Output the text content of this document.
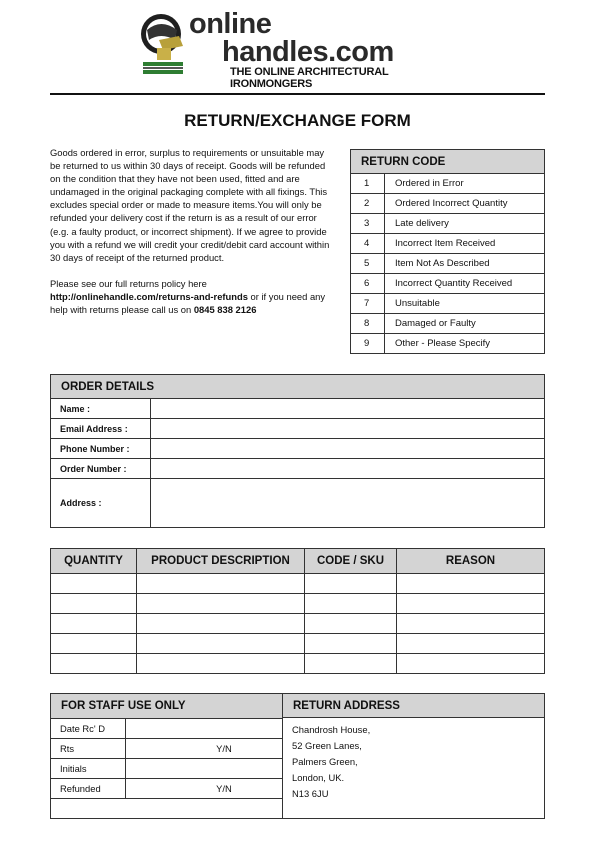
online
handles.com
THE ONLINE ARCHITECTURAL IRONMONGERS
RETURN/EXCHANGE FORM

Goods ordered in error, surplus to requirements or unsuitable may be returned to us within 30 days of receipt. Goods will be refunded on the condition that they have not been used, fitted and are undamaged in the original packaging complete with all fixings. This excludes special order or made to measure items.You will only be refunded your delivery cost if the return is as a result of our error (e.g. a faulty product, or incorrect shipment). If we agree to provide you with a refund we will credit your credit/debit card account within 30 days of receipt of the returned product.

Please see our full returns policy here
http://onlinehandle.com/returns-and-refunds or if you need any help with returns please call us on 0845 838 2126

RETURN CODE	
1	Ordered in Error
2	Ordered Incorrect Quantity
3	Late delivery
4	Incorrect Item Received
5	Item Not As Described
6	Incorrect Quantity Received
7	Unsuitable
8	Damaged or Faulty
9	Other - Please Specify
ORDER DETAILS	
Name :	
Email Address :	
Phone Number :	
Order Number :	
Address :	
QUANTITY	PRODUCT DESCRIPTION	CODE / SKU	REASON

FOR STAFF USE ONLY	
Date Rc' D	
Rts	Y/N
Initials	
Refunded	Y/N
RETURN ADDRESS
Chandrosh House,
52 Green Lanes,
Palmers Green,
London, UK.
N13 6JU
